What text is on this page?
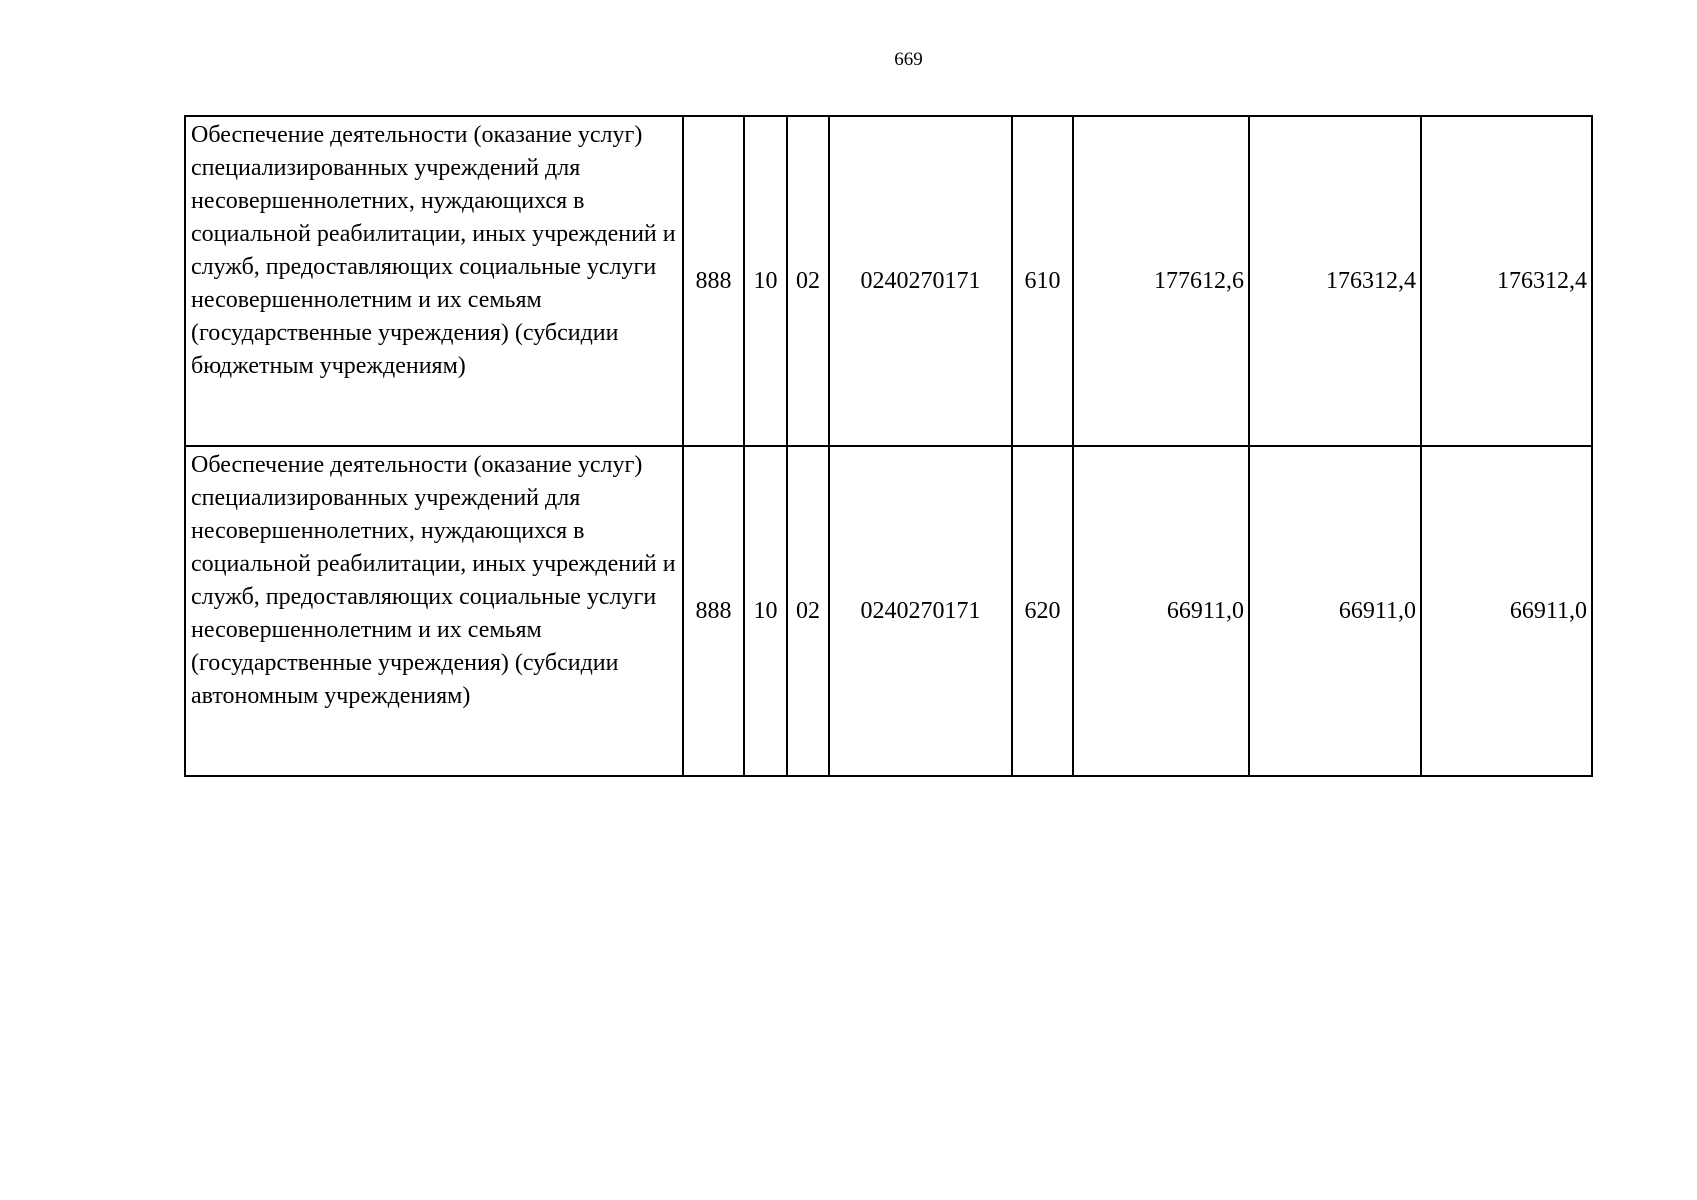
669
Обеспечение деятельности (оказание услуг) специализированных учреждений для несовершеннолетних, нуждающихся в социальной реабилитации, иных учреждений и служб, предоставляющих социальные услуги несовершеннолетним и их семьям (государственные учреждения) (субсидии бюджетным учреждениям)	888	10	02	0240270171	610	177612,6	176312,4	176312,4
Обеспечение деятельности (оказание услуг) специализированных учреждений для несовершеннолетних, нуждающихся в социальной реабилитации, иных учреждений и служб, предоставляющих социальные услуги несовершеннолетним и их семьям (государственные учреждения) (субсидии автономным учреждениям)	888	10	02	0240270171	620	66911,0	66911,0	66911,0
